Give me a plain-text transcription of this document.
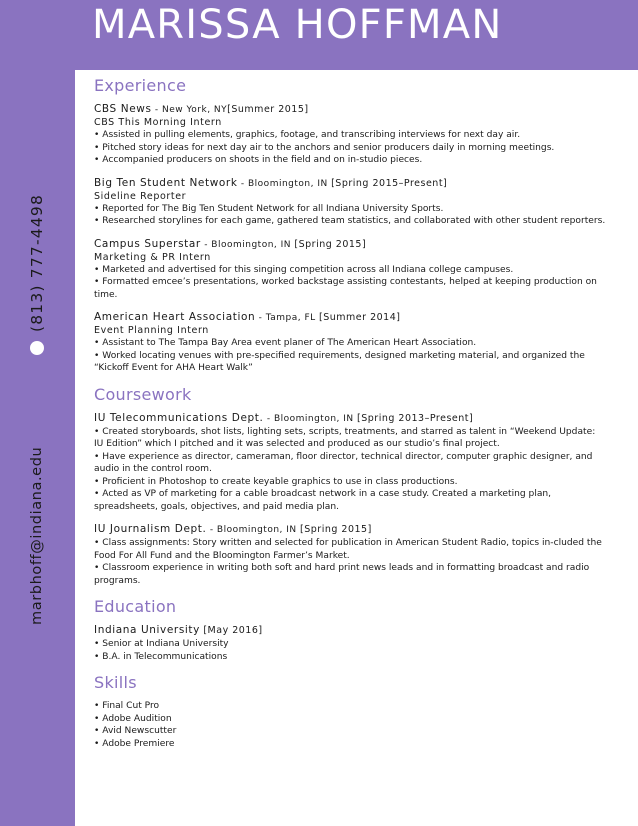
(813) 777-4498
marbhoff@indiana.edu
MARISSA HOFFMAN
Experience
CBS News - New York, NY[Summer 2015]
CBS This Morning Intern
• Assisted in pulling elements, graphics, footage, and transcribing interviews for next day air.
• Pitched story ideas for next day air to the anchors and senior producers daily in morning meetings.
• Accompanied producers on shoots in the field and on in-studio pieces.
Big Ten Student Network - Bloomington, IN [Spring 2015–Present]
Sideline Reporter
• Reported for The Big Ten Student Network for all Indiana University Sports.
• Researched storylines for each game, gathered team statistics, and collaborated with other student reporters.
Campus Superstar - Bloomington, IN [Spring 2015]
Marketing & PR Intern
• Marketed and advertised for this singing competition across all Indiana college campuses.
• Formatted emcee’s presentations, worked backstage assisting contestants, helped at keeping production on time.
American Heart Association - Tampa, FL [Summer 2014]
Event Planning Intern
• Assistant to The Tampa Bay Area event planer of The American Heart Association.
• Worked locating venues with pre-specified requirements, designed marketing material, and organized the “Kickoff Event for AHA Heart Walk”
Coursework
IU Telecommunications Dept. - Bloomington, IN [Spring 2013–Present]
• Created storyboards, shot lists, lighting sets, scripts, treatments, and starred as talent in “Weekend Update: IU Edition” which I pitched and it was selected and produced as our studio’s final project.
• Have experience as director, cameraman, floor director, technical director, computer graphic designer, and audio in the control room.
• Proficient in Photoshop to create keyable graphics to use in class productions.
• Acted as VP of marketing for a cable broadcast network in a case study. Created a marketing plan, spreadsheets, goals, objectives, and paid media plan.
IU Journalism Dept. - Bloomington, IN [Spring 2015]
• Class assignments: Story written and selected for publication in American Student Radio, topics in-cluded the Food For All Fund and the Bloomington Farmer’s Market.
• Classroom experience in writing both soft and hard print news leads and in formatting broadcast and radio programs.
Education
Indiana University [May 2016]
• Senior at Indiana University
• B.A. in Telecommunications
Skills
• Final Cut Pro
• Adobe Audition
• Avid Newscutter
• Adobe Premiere
